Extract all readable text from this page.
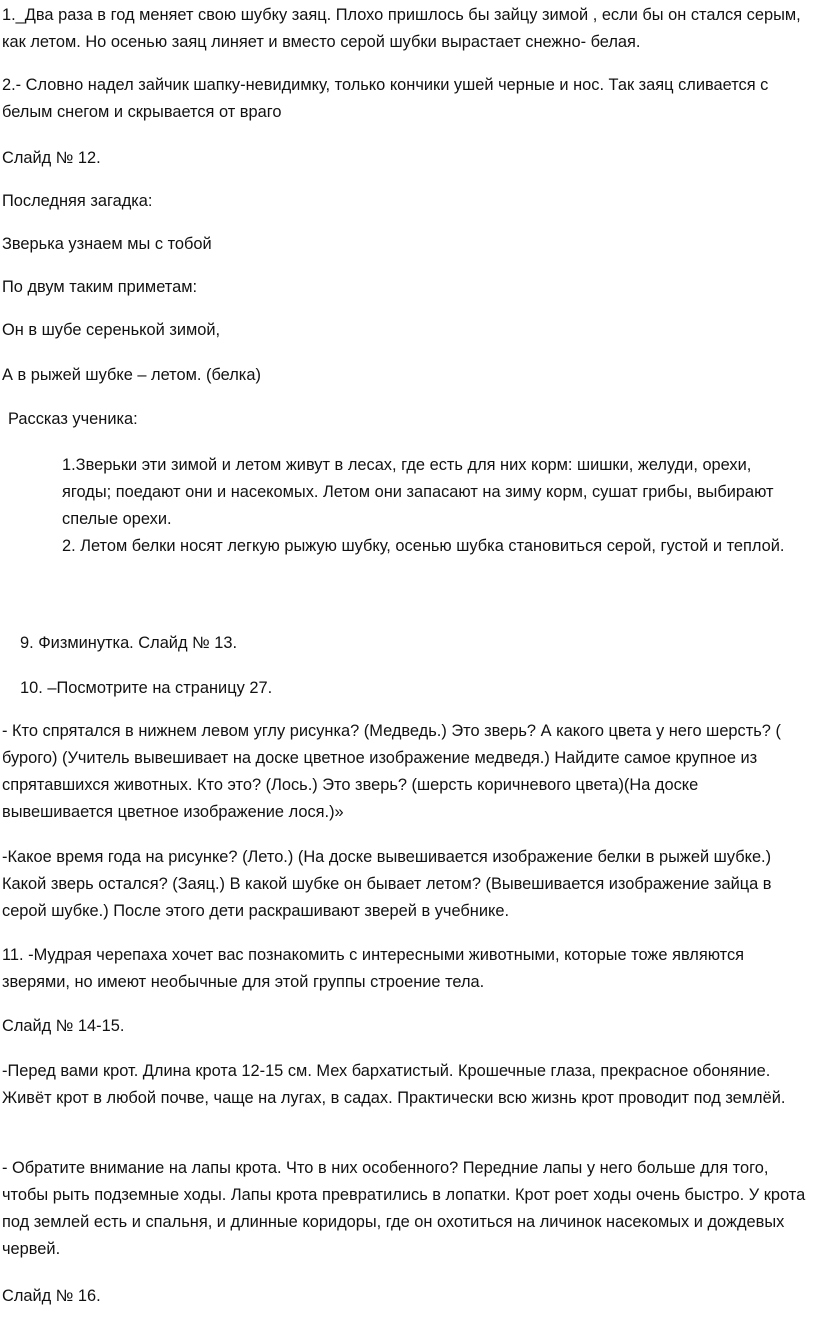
1._Два раза в год меняет свою шубку заяц. Плохо пришлось бы зайцу зимой , если бы он стался серым, как летом. Но осенью заяц линяет и вместо серой шубки вырастает снежно- белая.

2.- Словно надел зайчик шапку-невидимку, только кончики ушей черные и нос. Так заяц сливается с белым снегом и скрывается от враго

Слайд № 12.

Последняя загадка:

Зверька узнаем мы с тобой

По двум таким приметам:

Он в шубе серенькой зимой,

А в рыжей шубке – летом. (белка)

Рассказ ученика:

1.Зверьки эти зимой и летом живут в лесах, где есть для них корм: шишки, желуди, орехи, ягоды; поедают они и насекомых. Летом они запасают на зиму корм, сушат грибы, выбирают спелые орехи.

2. Летом белки носят легкую рыжую шубку, осенью шубка становиться серой, густой и теплой.

9. Физминутка. Слайд № 13.

10. –Посмотрите на страницу 27.

- Кто спрятался в нижнем левом углу рисунка? (Медведь.) Это зверь? А какого цвета у него шерсть? ( бурого) (Учитель вывешивает на доске цветное изображение медведя.) Найдите самое крупное из спрятавшихся животных. Кто это? (Лось.) Это зверь? (шерсть коричневого цвета)(На доске вывешивается цветное изображение лося.)»

-Какое время года на рисунке? (Лето.) (На доске вывешивается изображение белки в рыжей шубке.) Какой зверь остался? (Заяц.) В какой шубке он бывает летом? (Вывешивается изображение зайца в серой шубке.) После этого дети раскрашивают зверей в учебнике.

11. -Мудрая черепаха хочет вас познакомить с интересными животными, которые тоже являются зверями, но имеют необычные для этой группы строение тела.

Слайд № 14-15.

-Перед вами крот. Длина крота 12-15 см. Мех бархатистый. Крошечные глаза, прекрасное обоняние. Живёт крот в любой почве, чаще на лугах, в садах. Практически всю жизнь крот проводит под землёй.

- Обратите внимание на лапы крота. Что в них особенного? Передние лапы у него больше для того, чтобы рыть подземные ходы. Лапы крота превратились в лопатки. Крот роет ходы очень быстро. У крота под землей есть и спальня, и длинные коридоры, где он охотиться на личинок насекомых и дождевых червей.

Слайд № 16.
